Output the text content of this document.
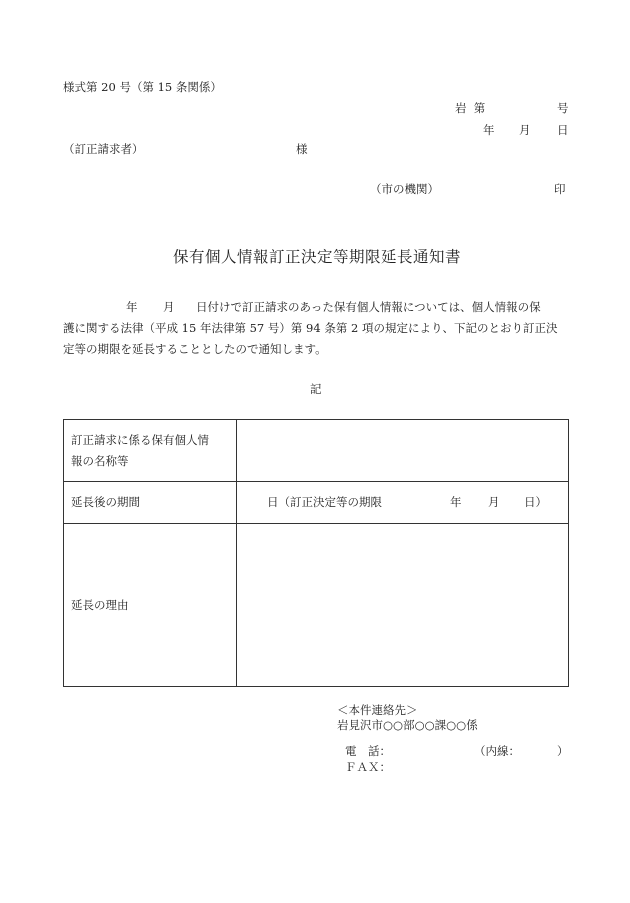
様式第 20 号（第 15 条関係）
岩  第	号
年 月 日
（訂正請求者）	様
（市の機関）	印
保有個人情報訂正決定等期限延長通知書
年 月 日付けで訂正請求のあった保有個人情報については、個人情報の保
護に関する法律（平成 15 年法律第 57 号）第 94 条第 2 項の規定により、下記のとおり訂正決
定等の期限を延長することとしたので通知します。
記
訂正請求に係る保有個人情
報の名称等	

延長後の期間	日（訂正決定等の期限 年 月 日）

延長の理由	
＜本件連絡先＞
岩見沢市○○部○○課○○係
電　話：	（内線：	）
ＦＡＸ：
